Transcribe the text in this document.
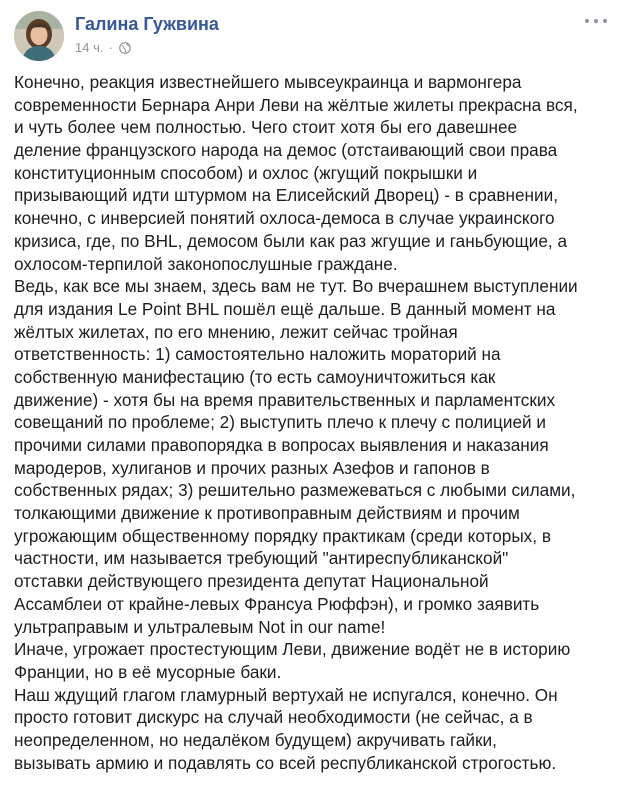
Галина Гужвина
14 ч. ·
Конечно, реакция известнейшего мывсеукраинца и вармонгера
современности Бернара Анри Леви на жёлтые жилеты прекрасна вся,
и чуть более чем полностью. Чего стоит хотя бы его давешнее
деление французского народа на демос (отстаивающий свои права
конституционным способом) и охлос (жгущий покрышки и
призывающий идти штурмом на Елисейский Дворец) - в сравнении,
конечно, с инверсией понятий охлоса-демоса в случае украинского
кризиса, где, по BHL, демосом были как раз жгущие и ганьбующие, а
охлосом-терпилой законопослушные граждане.
Ведь, как все мы знаем, здесь вам не тут. Во вчерашнем выступлении
для издания Le Point BHL пошёл ещё дальше. В данный момент на
жёлтых жилетах, по его мнению, лежит сейчас тройная
ответственность: 1) самостоятельно наложить мораторий на
собственную манифестацию (то есть самоуничтожиться как
движение) - хотя бы на время правительственных и парламентских
совещаний по проблеме; 2) выступить плечо к плечу с полицией и
прочими силами правопорядка в вопросах выявления и наказания
мародеров, хулиганов и прочих разных Азефов и гапонов в
собственных рядах; 3) решительно размежеваться с любыми силами,
толкающими движение к противоправным действиям и прочим
угрожающим общественному порядку практикам (среди которых, в
частности, им называется требующий "антиреспубликанской"
отставки действующего президента депутат Национальной
Ассамблеи от крайне-левых Франсуа Рюффэн), и громко заявить
ультраправым и ультралевым Not in our name!
Иначе, угрожает простестующим Леви, движение водёт не в историю
Франции, но в её мусорные баки.
Наш ждущий глагом гламурный вертухай не испугался, конечно. Он
просто готовит дискурс на случай необходимости (не сейчас, а в
неопределенном, но недалёком будущем) акручивать гайки,
вызывать армию и подавлять со всей республиканской строгостью.
